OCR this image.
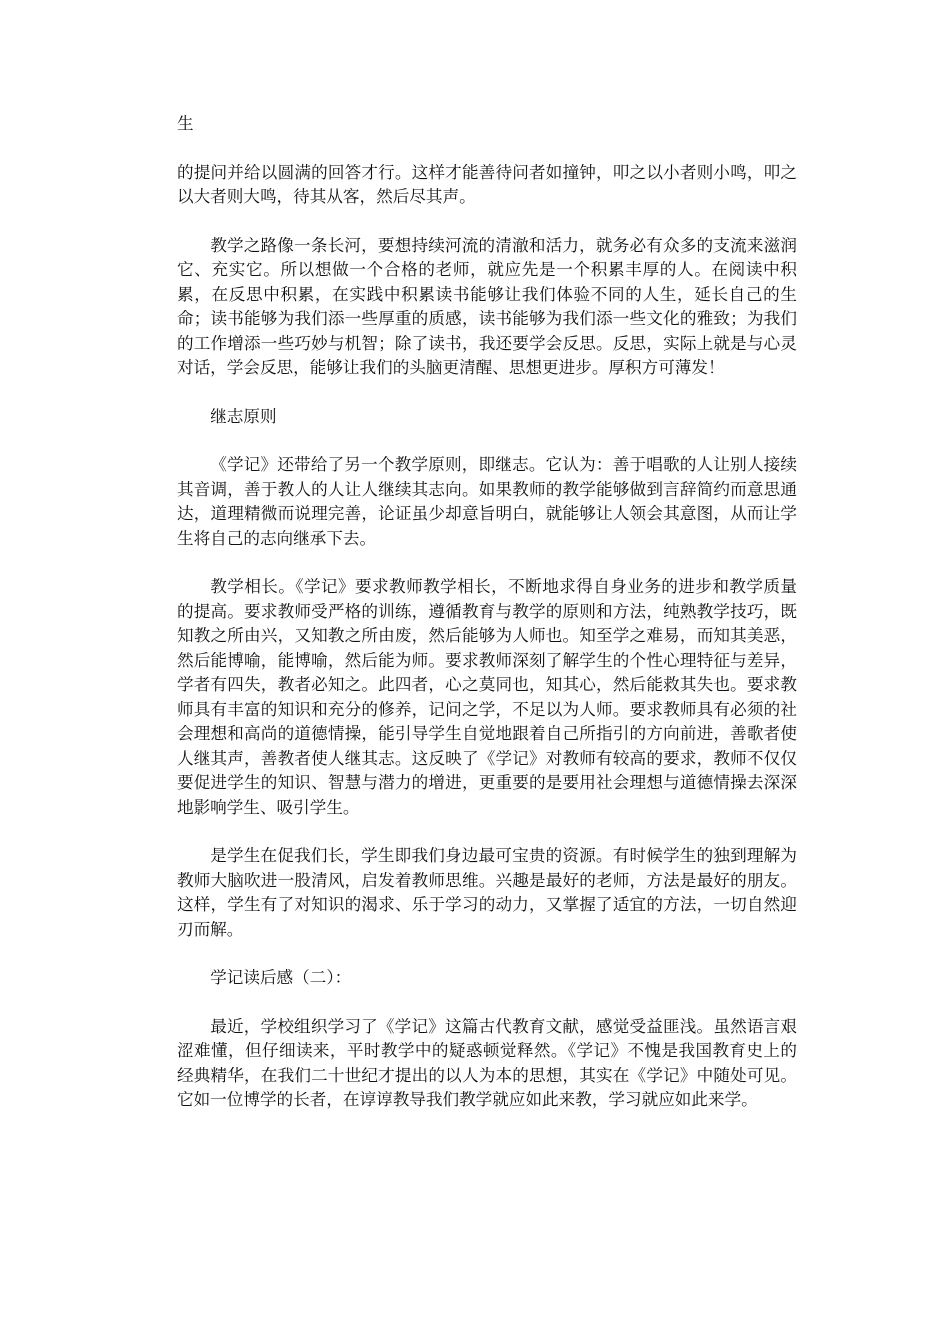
生

的提问并给以圆满的回答才行。这样才能善待问者如撞钟，叩之以小者则小鸣，叩之以大者则大鸣，待其从客，然后尽其声。

教学之路像一条长河，要想持续河流的清澈和活力，就务必有众多的支流来滋润它、充实它。所以想做一个合格的老师，就应先是一个积累丰厚的人。在阅读中积累，在反思中积累，在实践中积累读书能够让我们体验不同的人生，延长自己的生命；读书能够为我们添一些厚重的质感，读书能够为我们添一些文化的雅致；为我们的工作增添一些巧妙与机智；除了读书，我还要学会反思。反思，实际上就是与心灵对话，学会反思，能够让我们的头脑更清醒、思想更进步。厚积方可薄发！

继志原则

《学记》还带给了另一个教学原则，即继志。它认为：善于唱歌的人让别人接续其音调，善于教人的人让人继续其志向。如果教师的教学能够做到言辞简约而意思通达，道理精微而说理完善，论证虽少却意旨明白，就能够让人领会其意图，从而让学生将自己的志向继承下去。

教学相长。《学记》要求教师教学相长，不断地求得自身业务的进步和教学质量的提高。要求教师受严格的训练，遵循教育与教学的原则和方法，纯熟教学技巧，既知教之所由兴，又知教之所由废，然后能够为人师也。知至学之难易，而知其美恶，然后能博喻，能博喻，然后能为师。要求教师深刻了解学生的个性心理特征与差异，学者有四失，教者必知之。此四者，心之莫同也，知其心，然后能救其失也。要求教师具有丰富的知识和充分的修养，记问之学，不足以为人师。要求教师具有必须的社会理想和高尚的道德情操，能引导学生自觉地跟着自己所指引的方向前进，善歌者使人继其声，善教者使人继其志。这反映了《学记》对教师有较高的要求，教师不仅仅要促进学生的知识、智慧与潜力的增进，更重要的是要用社会理想与道德情操去深深地影响学生、吸引学生。

是学生在促我们长，学生即我们身边最可宝贵的资源。有时候学生的独到理解为教师大脑吹进一股清风，启发着教师思维。兴趣是最好的老师，方法是最好的朋友。这样，学生有了对知识的渴求、乐于学习的动力，又掌握了适宜的方法，一切自然迎刃而解。

学记读后感（二）：

最近，学校组织学习了《学记》这篇古代教育文献，感觉受益匪浅。虽然语言艰涩难懂，但仔细读来，平时教学中的疑惑顿觉释然。《学记》不愧是我国教育史上的经典精华，在我们二十世纪才提出的以人为本的思想，其实在《学记》中随处可见。它如一位博学的长者，在谆谆教导我们教学就应如此来教，学习就应如此来学。
